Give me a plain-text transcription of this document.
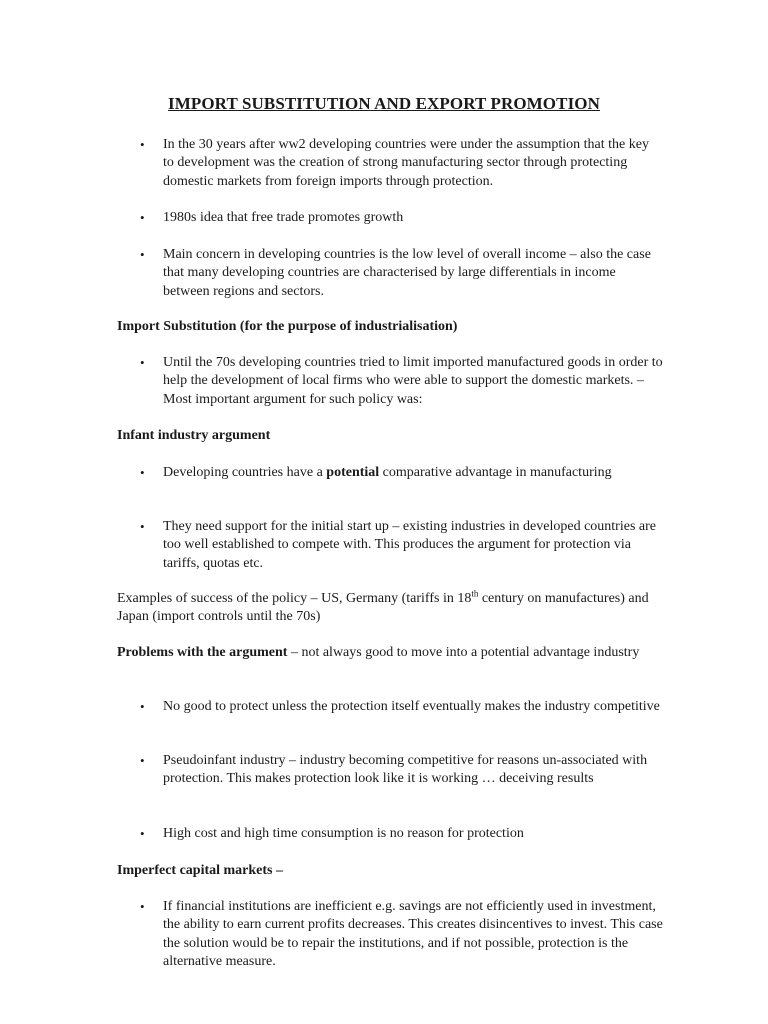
IMPORT SUBSTITUTION AND EXPORT PROMOTION
•	In the 30 years after ww2 developing countries were under the assumption that the key to development was the creation of strong manufacturing sector through protecting domestic markets from foreign imports through protection.
•	1980s idea that free trade promotes growth
•	Main concern in developing countries is the low level of overall income – also the case that many developing countries are characterised by large differentials in income between regions and sectors.
Import Substitution (for the purpose of industrialisation)
•	Until the 70s developing countries tried to limit imported manufactured goods in order to help the development of local firms who were able to support the domestic markets. – Most important argument for such policy was:
Infant industry argument
•	Developing countries have a potential comparative advantage in manufacturing
•	They need support for the initial start up – existing industries in developed countries are too well established to compete with. This produces the argument for protection via tariffs, quotas etc.
Examples of success of the policy – US, Germany (tariffs in 18th century on manufactures) and Japan (import controls until the 70s)
Problems with the argument – not always good to move into a potential advantage industry
•	No good to protect unless the protection itself eventually makes the industry competitive
•	Pseudoinfant industry – industry becoming competitive for reasons un-associated with protection. This makes protection look like it is working … deceiving results
•	High cost and high time consumption is no reason for protection
Imperfect capital markets –
•	If financial institutions are inefficient e.g. savings are not efficiently used in investment, the ability to earn current profits decreases. This creates disincentives to invest. This case the solution would be to repair the institutions, and if not possible, protection is the alternative measure.
